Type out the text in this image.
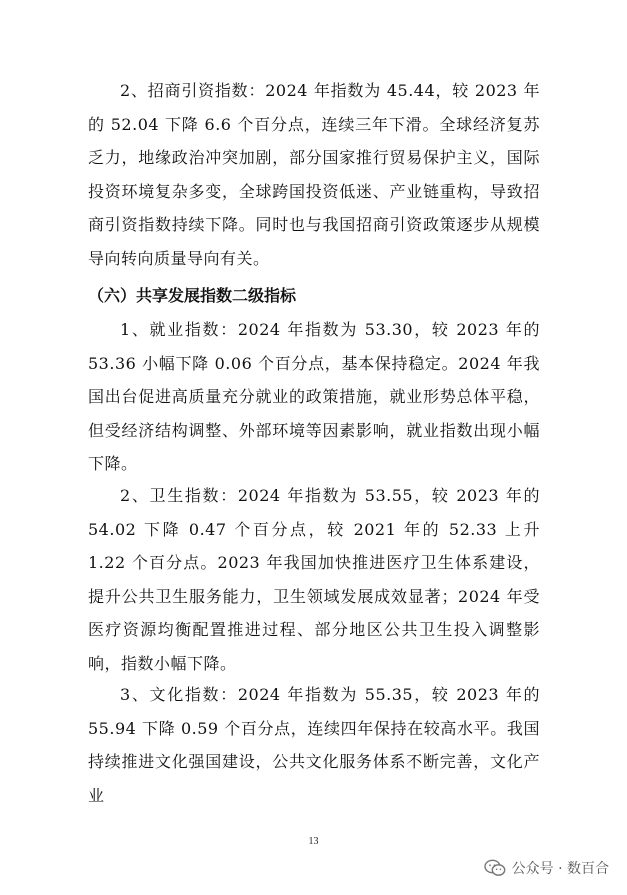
2、招商引资指数：2024 年指数为 45.44，较 2023 年的 52.04 下降 6.6 个百分点，连续三年下滑。全球经济复苏乏力，地缘政治冲突加剧，部分国家推行贸易保护主义，国际投资环境复杂多变，全球跨国投资低迷、产业链重构，导致招商引资指数持续下降。同时也与我国招商引资政策逐步从规模导向转向质量导向有关。

（六）共享发展指数二级指标

1、就业指数：2024 年指数为 53.30，较 2023 年的 53.36 小幅下降 0.06 个百分点，基本保持稳定。2024 年我国出台促进高质量充分就业的政策措施，就业形势总体平稳，但受经济结构调整、外部环境等因素影响，就业指数出现小幅下降。

2、卫生指数：2024 年指数为 53.55，较 2023 年的 54.02 下降 0.47 个百分点，较 2021 年的 52.33 上升 1.22 个百分点。2023 年我国加快推进医疗卫生体系建设，提升公共卫生服务能力，卫生领域发展成效显著；2024 年受医疗资源均衡配置推进过程、部分地区公共卫生投入调整影响，指数小幅下降。

3、文化指数：2024 年指数为 55.35，较 2023 年的 55.94 下降 0.59 个百分点，连续四年保持在较高水平。我国持续推进文化强国建设，公共文化服务体系不断完善，文化产业

13
公众号 · 数百合
